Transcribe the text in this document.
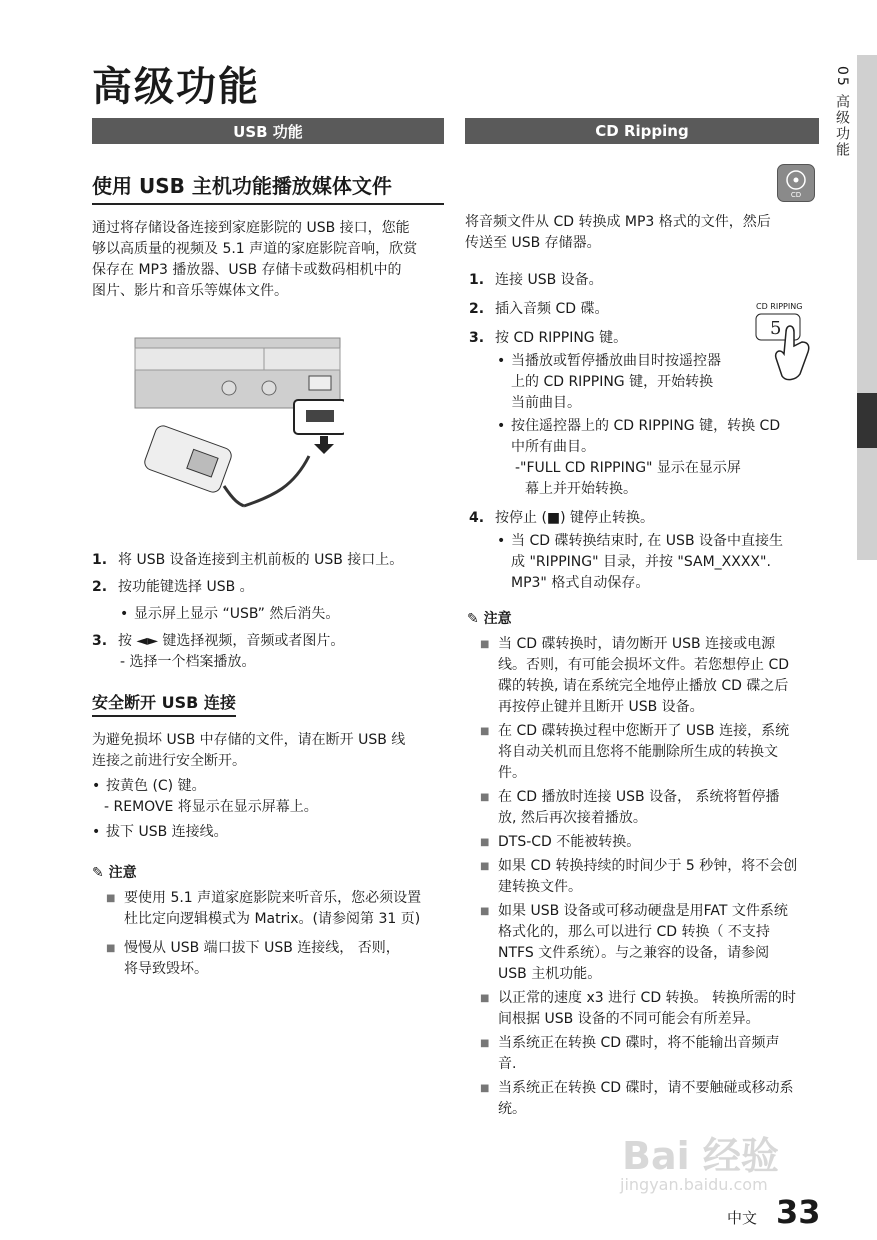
高级功能	05 高级功能
USB 功能
使用 USB 主机功能播放媒体文件
通过将存储设备连接到家庭影院的 USB 接口，您能
够以高质量的视频及 5.1 声道的家庭影院音响，欣赏
保存在 MP3 播放器、USB 存储卡或数码相机中的
图片、影片和音乐等媒体文件。
1. 将 USB 设备连接到主机前板的 USB 接口上。
2. 按功能键选择 USB 。
• 显示屏上显示 “USB” 然后消失。
3. 按 ◄► 键选择视频，音频或者图片。
- 选择一个档案播放。
安全断开 USB 连接
为避免损坏 USB 中存储的文件，请在断开 USB 线
连接之前进行安全断开。
• 按黄色 (C) 键。
- REMOVE 将显示在显示屏幕上。
• 拔下 USB 连接线。
✎ 注意
■ 要使用 5.1 声道家庭影院来听音乐，您必须设置
杜比定向逻辑模式为 Matrix。(请参阅第 31 页)
■ 慢慢从 USB 端口拔下 USB 连接线， 否则，
将导致毁坏。
CD Ripping
CD
将音频文件从 CD 转换成 MP3 格式的文件，然后
传送至 USB 存储器。
CD RIPPING
5
1. 连接 USB 设备。
2. 插入音频 CD 碟。
3. 按 CD RIPPING 键。
• 当播放或暂停播放曲目时按遥控器
上的 CD RIPPING 键，开始转换
当前曲目。
• 按住遥控器上的 CD RIPPING 键，转换 CD
中所有曲目。
-"FULL CD RIPPING" 显示在显示屏
幕上并开始转换。
4. 按停止 (■) 键停止转换。
• 当 CD 碟转换结束时, 在 USB 设备中直接生
成 "RIPPING" 目录，并按 "SAM_XXXX".
MP3" 格式自动保存。
✎ 注意
■ 当 CD 碟转换时，请勿断开 USB 连接或电源
线。否则，有可能会损坏文件。若您想停止 CD
碟的转换, 请在系统完全地停止播放 CD 碟之后
再按停止键并且断开 USB 设备。
■ 在 CD 碟转换过程中您断开了 USB 连接，系统
将自动关机而且您将不能删除所生成的转换文
件。
■ 在 CD 播放时连接 USB 设备， 系统将暂停播
放, 然后再次接着播放。
■ DTS-CD 不能被转换。
■ 如果 CD 转换持续的时间少于 5 秒钟，将不会创
建转换文件。
■ 如果 USB 设备或可移动硬盘是用FAT 文件系统
格式化的，那么可以进行 CD 转换（ 不支持
NTFS 文件系统）。与之兼容的设备，请参阅
USB 主机功能。
■ 以正常的速度 x3 进行 CD 转换。 转换所需的时
间根据 USB 设备的不同可能会有所差异。
■ 当系统正在转换 CD 碟时，将不能输出音频声
音.
■ 当系统正在转换 CD 碟时，请不要触碰或移动系
统。
Bai 经验
jingyan.baidu.com
中文 33
